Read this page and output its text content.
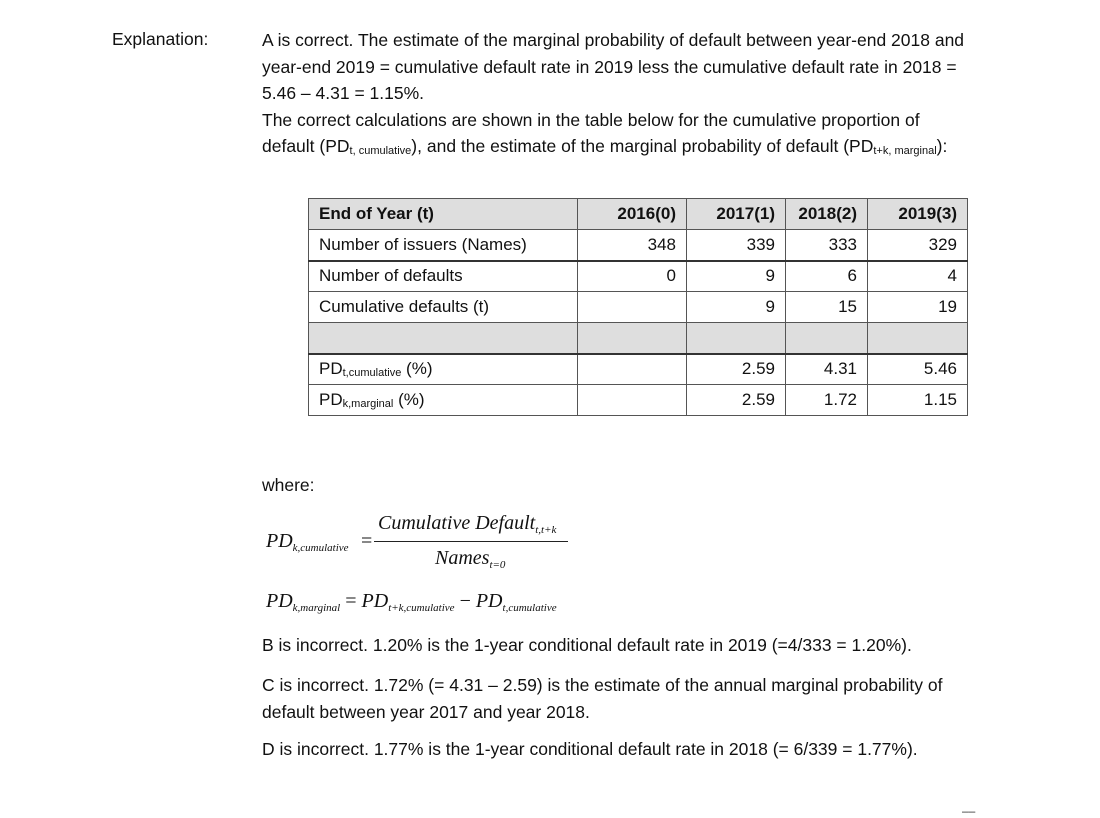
Explanation:	A is correct. The estimate of the marginal probability of default between year-end 2018 and
year-end 2019 = cumulative default rate in 2019 less the cumulative default rate in 2018 =
5.46 – 4.31 = 1.15%.
The correct calculations are shown in the table below for the cumulative proportion of
default $(PD_{t, cumulative})$, and the estimate of the marginal probability of default $(PD_{t+k, marginal})$:
End of Year (t)	2016(0)	2017(1)	2018(2)	2019(3)
Number of issuers (Names)	348	339	333	329
Number of defaults	0	9	6	4
Cumulative defaults (t)		9	15	19

$PD_{t,cumulative}$ (%)		2.59	4.31	5.46
$PD_{k,marginal}$ (%)		2.59	1.72	1.15
where:
$PD_{k,cumulative}$ =
Cumulative Default$_{t,t+k}$
Names$_{t=0}$
$PD_{k,marginal} = PD_{t+k,cumulative} - PD_{t,cumulative}$
B is incorrect. 1.20% is the 1-year conditional default rate in 2019 (=4/333 = 1.20%).
C is incorrect. 1.72% (= 4.31 – 2.59) is the estimate of the annual marginal probability of
default between year 2017 and year 2018.
D is incorrect. 1.77% is the 1-year conditional default rate in 2018 (= 6/339 = 1.77%).
––
